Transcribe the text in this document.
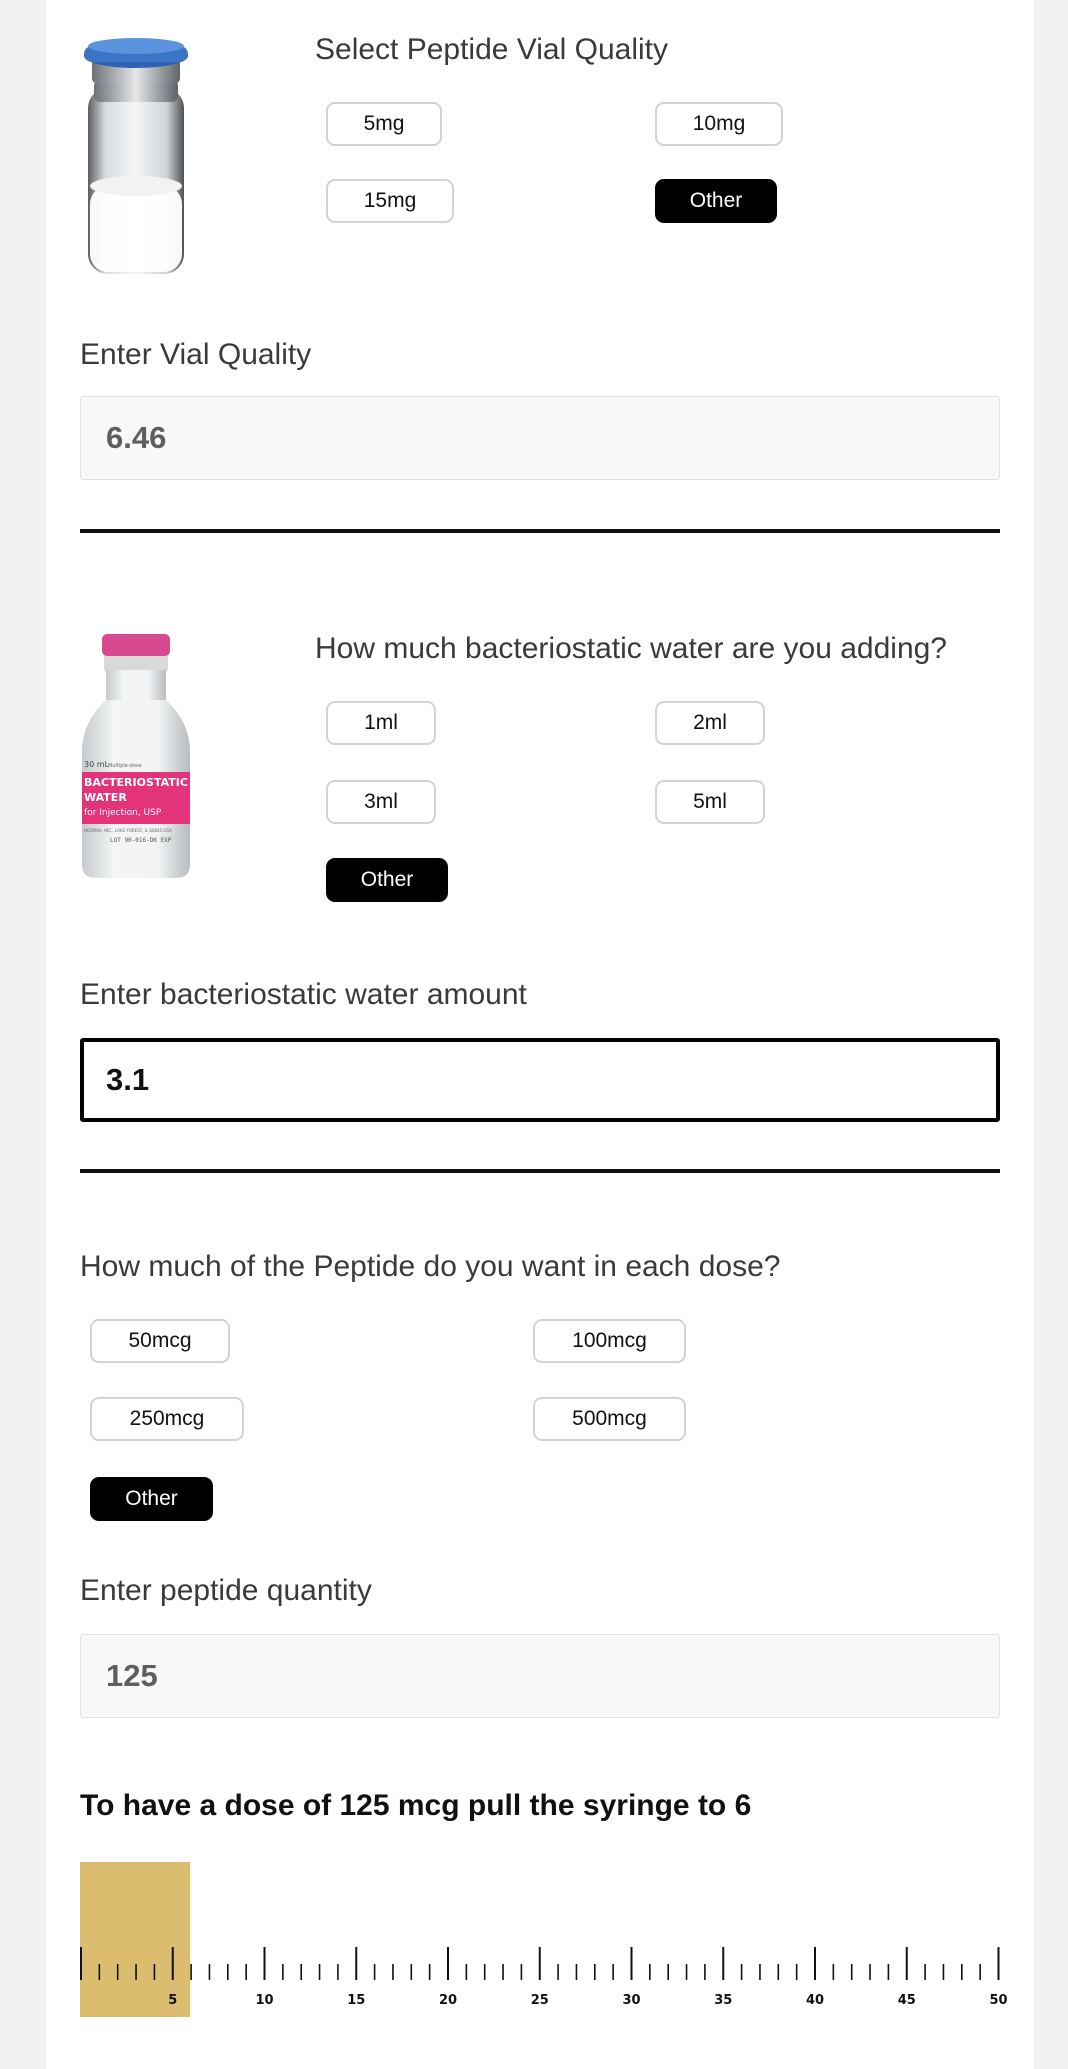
Select Peptide Vial Quality
5mg	10mg
15mg	Other
Enter Vial Quality
6.46
30 mL Multiple-dose
BACTERIOSTATIC
WATER
for Injection, USP
HOSPIRA, INC., LAKE FOREST, IL 60045 USA
LOT 90-016-DK EXP
How much bacteriostatic water are you adding?
1ml	2ml
3ml	5ml
Other
Enter bacteriostatic water amount
3.1
How much of the Peptide do you want in each dose?
50mcg	100mcg
250mcg	500mcg
Other
Enter peptide quantity
125
To have a dose of 125 mcg pull the syringe to 6
5	10	15	20	25	30	35	40	45	50
